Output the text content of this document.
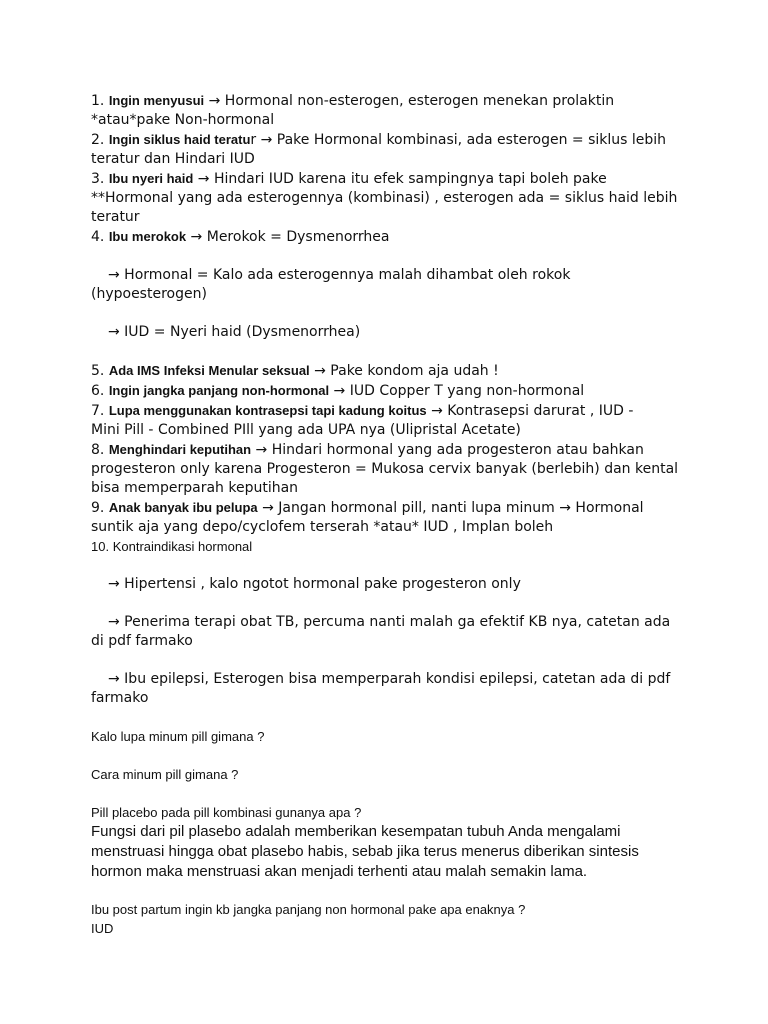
1. Ingin menyusui → Hormonal non-esterogen, esterogen menekan prolaktin
*atau*pake Non-hormonal
2. Ingin siklus haid teratur → Pake Hormonal kombinasi, ada esterogen = siklus lebih
teratur dan Hindari IUD
3. Ibu nyeri haid → Hindari IUD karena itu efek sampingnya tapi boleh pake
**Hormonal yang ada esterogennya (kombinasi) , esterogen ada = siklus haid lebih
teratur
4. Ibu merokok → Merokok = Dysmenorrhea
→ Hormonal = Kalo ada esterogennya malah dihambat oleh rokok
(hypoesterogen)
→ IUD = Nyeri haid (Dysmenorrhea)
5. Ada IMS Infeksi Menular seksual → Pake kondom aja udah !
6. Ingin jangka panjang non-hormonal → IUD Copper T yang non-hormonal
7. Lupa menggunakan kontrasepsi tapi kadung koitus → Kontrasepsi darurat , IUD -
Mini Pill - Combined PIll yang ada UPA nya (Ulipristal Acetate)
8. Menghindari keputihan → Hindari hormonal yang ada progesteron atau bahkan
progesteron only karena Progesteron = Mukosa cervix banyak (berlebih) dan kental
bisa memperparah keputihan
9. Anak banyak ibu pelupa → Jangan hormonal pill, nanti lupa minum → Hormonal
suntik aja yang depo/cyclofem terserah *atau* IUD , Implan boleh
10. Kontraindikasi hormonal
→ Hipertensi , kalo ngotot hormonal pake progesteron only
→ Penerima terapi obat TB, percuma nanti malah ga efektif KB nya, catetan ada
di pdf farmako
→ Ibu epilepsi, Esterogen bisa memperparah kondisi epilepsi, catetan ada di pdf
farmako
Kalo lupa minum pill gimana ?
Cara minum pill gimana ?
Pill placebo pada pill kombinasi gunanya apa ?
Fungsi dari pil plasebo adalah memberikan kesempatan tubuh Anda mengalami menstruasi hingga obat plasebo habis, sebab jika terus menerus diberikan sintesis hormon maka menstruasi akan menjadi terhenti atau malah semakin lama.
Ibu post partum ingin kb jangka panjang non hormonal pake apa enaknya ?
IUD
